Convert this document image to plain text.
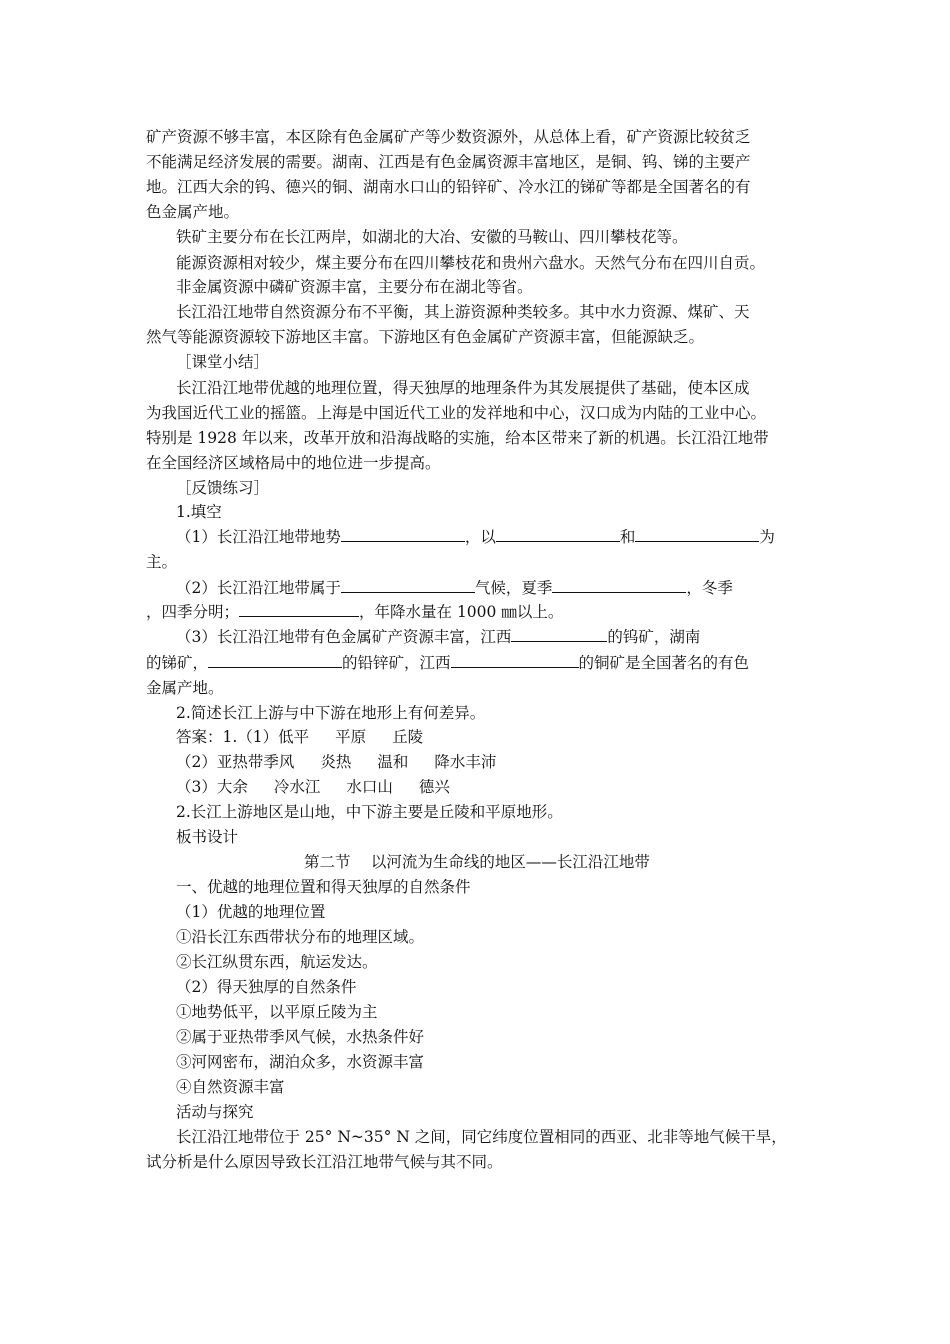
矿产资源不够丰富，本区除有色金属矿产等少数资源外，从总体上看，矿产资源比较贫乏
不能满足经济发展的需要。湖南、江西是有色金属资源丰富地区，是铜、钨、锑的主要产
地。江西大余的钨、德兴的铜、湖南水口山的铅锌矿、冷水江的锑矿等都是全国著名的有
色金属产地。
铁矿主要分布在长江两岸，如湖北的大冶、安徽的马鞍山、四川攀枝花等。
能源资源相对较少，煤主要分布在四川攀枝花和贵州六盘水。天然气分布在四川自贡。
非金属资源中磷矿资源丰富，主要分布在湖北等省。
长江沿江地带自然资源分布不平衡，其上游资源种类较多。其中水力资源、煤矿、天
然气等能源资源较下游地区丰富。下游地区有色金属矿产资源丰富，但能源缺乏。
［课堂小结］
长江沿江地带优越的地理位置，得天独厚的地理条件为其发展提供了基础，使本区成
为我国近代工业的摇篮。上海是中国近代工业的发祥地和中心，汉口成为内陆的工业中心。
特别是 1928 年以来，改革开放和沿海战略的实施，给本区带来了新的机遇。长江沿江地带
在全国经济区域格局中的地位进一步提高。
［反馈练习］
1.填空
（1）长江沿江地带地势	，以	和	为
主。
（2）长江沿江地带属于	气候，夏季	，冬季
，四季分明；	，年降水量在 1000 ㎜以上。
（3）长江沿江地带有色金属矿产资源丰富，江西	的钨矿，湖南
的锑矿，	的铅锌矿，江西	的铜矿是全国著名的有色
金属产地。
2.简述长江上游与中下游在地形上有何差异。
答案：1.（1）低平 平原 丘陵
（2）亚热带季风 炎热 温和 降水丰沛
（3）大余 冷水江 水口山 德兴
2.长江上游地区是山地，中下游主要是丘陵和平原地形。
板书设计
第二节　 以河流为生命线的地区——长江沿江地带
一、优越的地理位置和得天独厚的自然条件
（1）优越的地理位置
①沿长江东西带状分布的地理区域。
②长江纵贯东西，航运发达。
（2）得天独厚的自然条件
①地势低平，以平原丘陵为主
②属于亚热带季风气候，水热条件好
③河网密布，湖泊众多，水资源丰富
④自然资源丰富
活动与探究
长江沿江地带位于 25° N~35° N 之间，同它纬度位置相同的西亚、北非等地气候干旱，
试分析是什么原因导致长江沿江地带气候与其不同。
